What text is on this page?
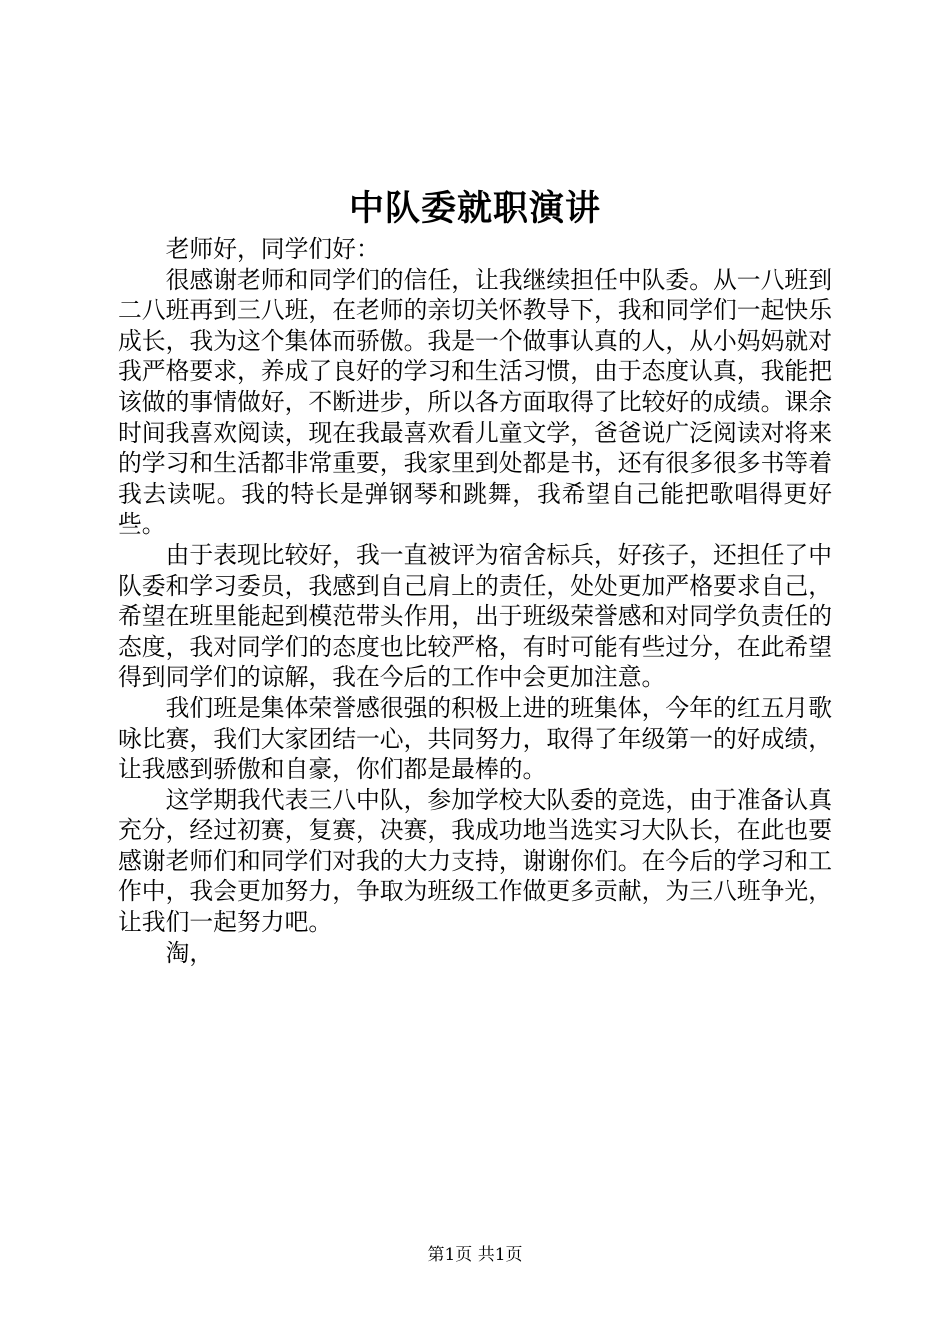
中队委就职演讲

老师好，同学们好：

很感谢老师和同学们的信任，让我继续担任中队委。从一八班到二八班再到三八班，在老师的亲切关怀教导下，我和同学们一起快乐成长，我为这个集体而骄傲。我是一个做事认真的人，从小妈妈就对我严格要求，养成了良好的学习和生活习惯，由于态度认真，我能把该做的事情做好，不断进步，所以各方面取得了比较好的成绩。课余时间我喜欢阅读，现在我最喜欢看儿童文学，爸爸说广泛阅读对将来的学习和生活都非常重要，我家里到处都是书，还有很多很多书等着我去读呢。我的特长是弹钢琴和跳舞，我希望自己能把歌唱得更好些。

由于表现比较好，我一直被评为宿舍标兵，好孩子，还担任了中队委和学习委员，我感到自己肩上的责任，处处更加严格要求自己，希望在班里能起到模范带头作用，出于班级荣誉感和对同学负责任的态度，我对同学们的态度也比较严格，有时可能有些过分，在此希望得到同学们的谅解，我在今后的工作中会更加注意。

我们班是集体荣誉感很强的积极上进的班集体，今年的红五月歌咏比赛，我们大家团结一心，共同努力，取得了年级第一的好成绩，让我感到骄傲和自豪，你们都是最棒的。

这学期我代表三八中队，参加学校大队委的竞选，由于准备认真充分，经过初赛，复赛，决赛，我成功地当选实习大队长，在此也要感谢老师们和同学们对我的大力支持，谢谢你们。在今后的学习和工作中，我会更加努力，争取为班级工作做更多贡献，为三八班争光，让我们一起努力吧。

淘，

第1页 共1页
